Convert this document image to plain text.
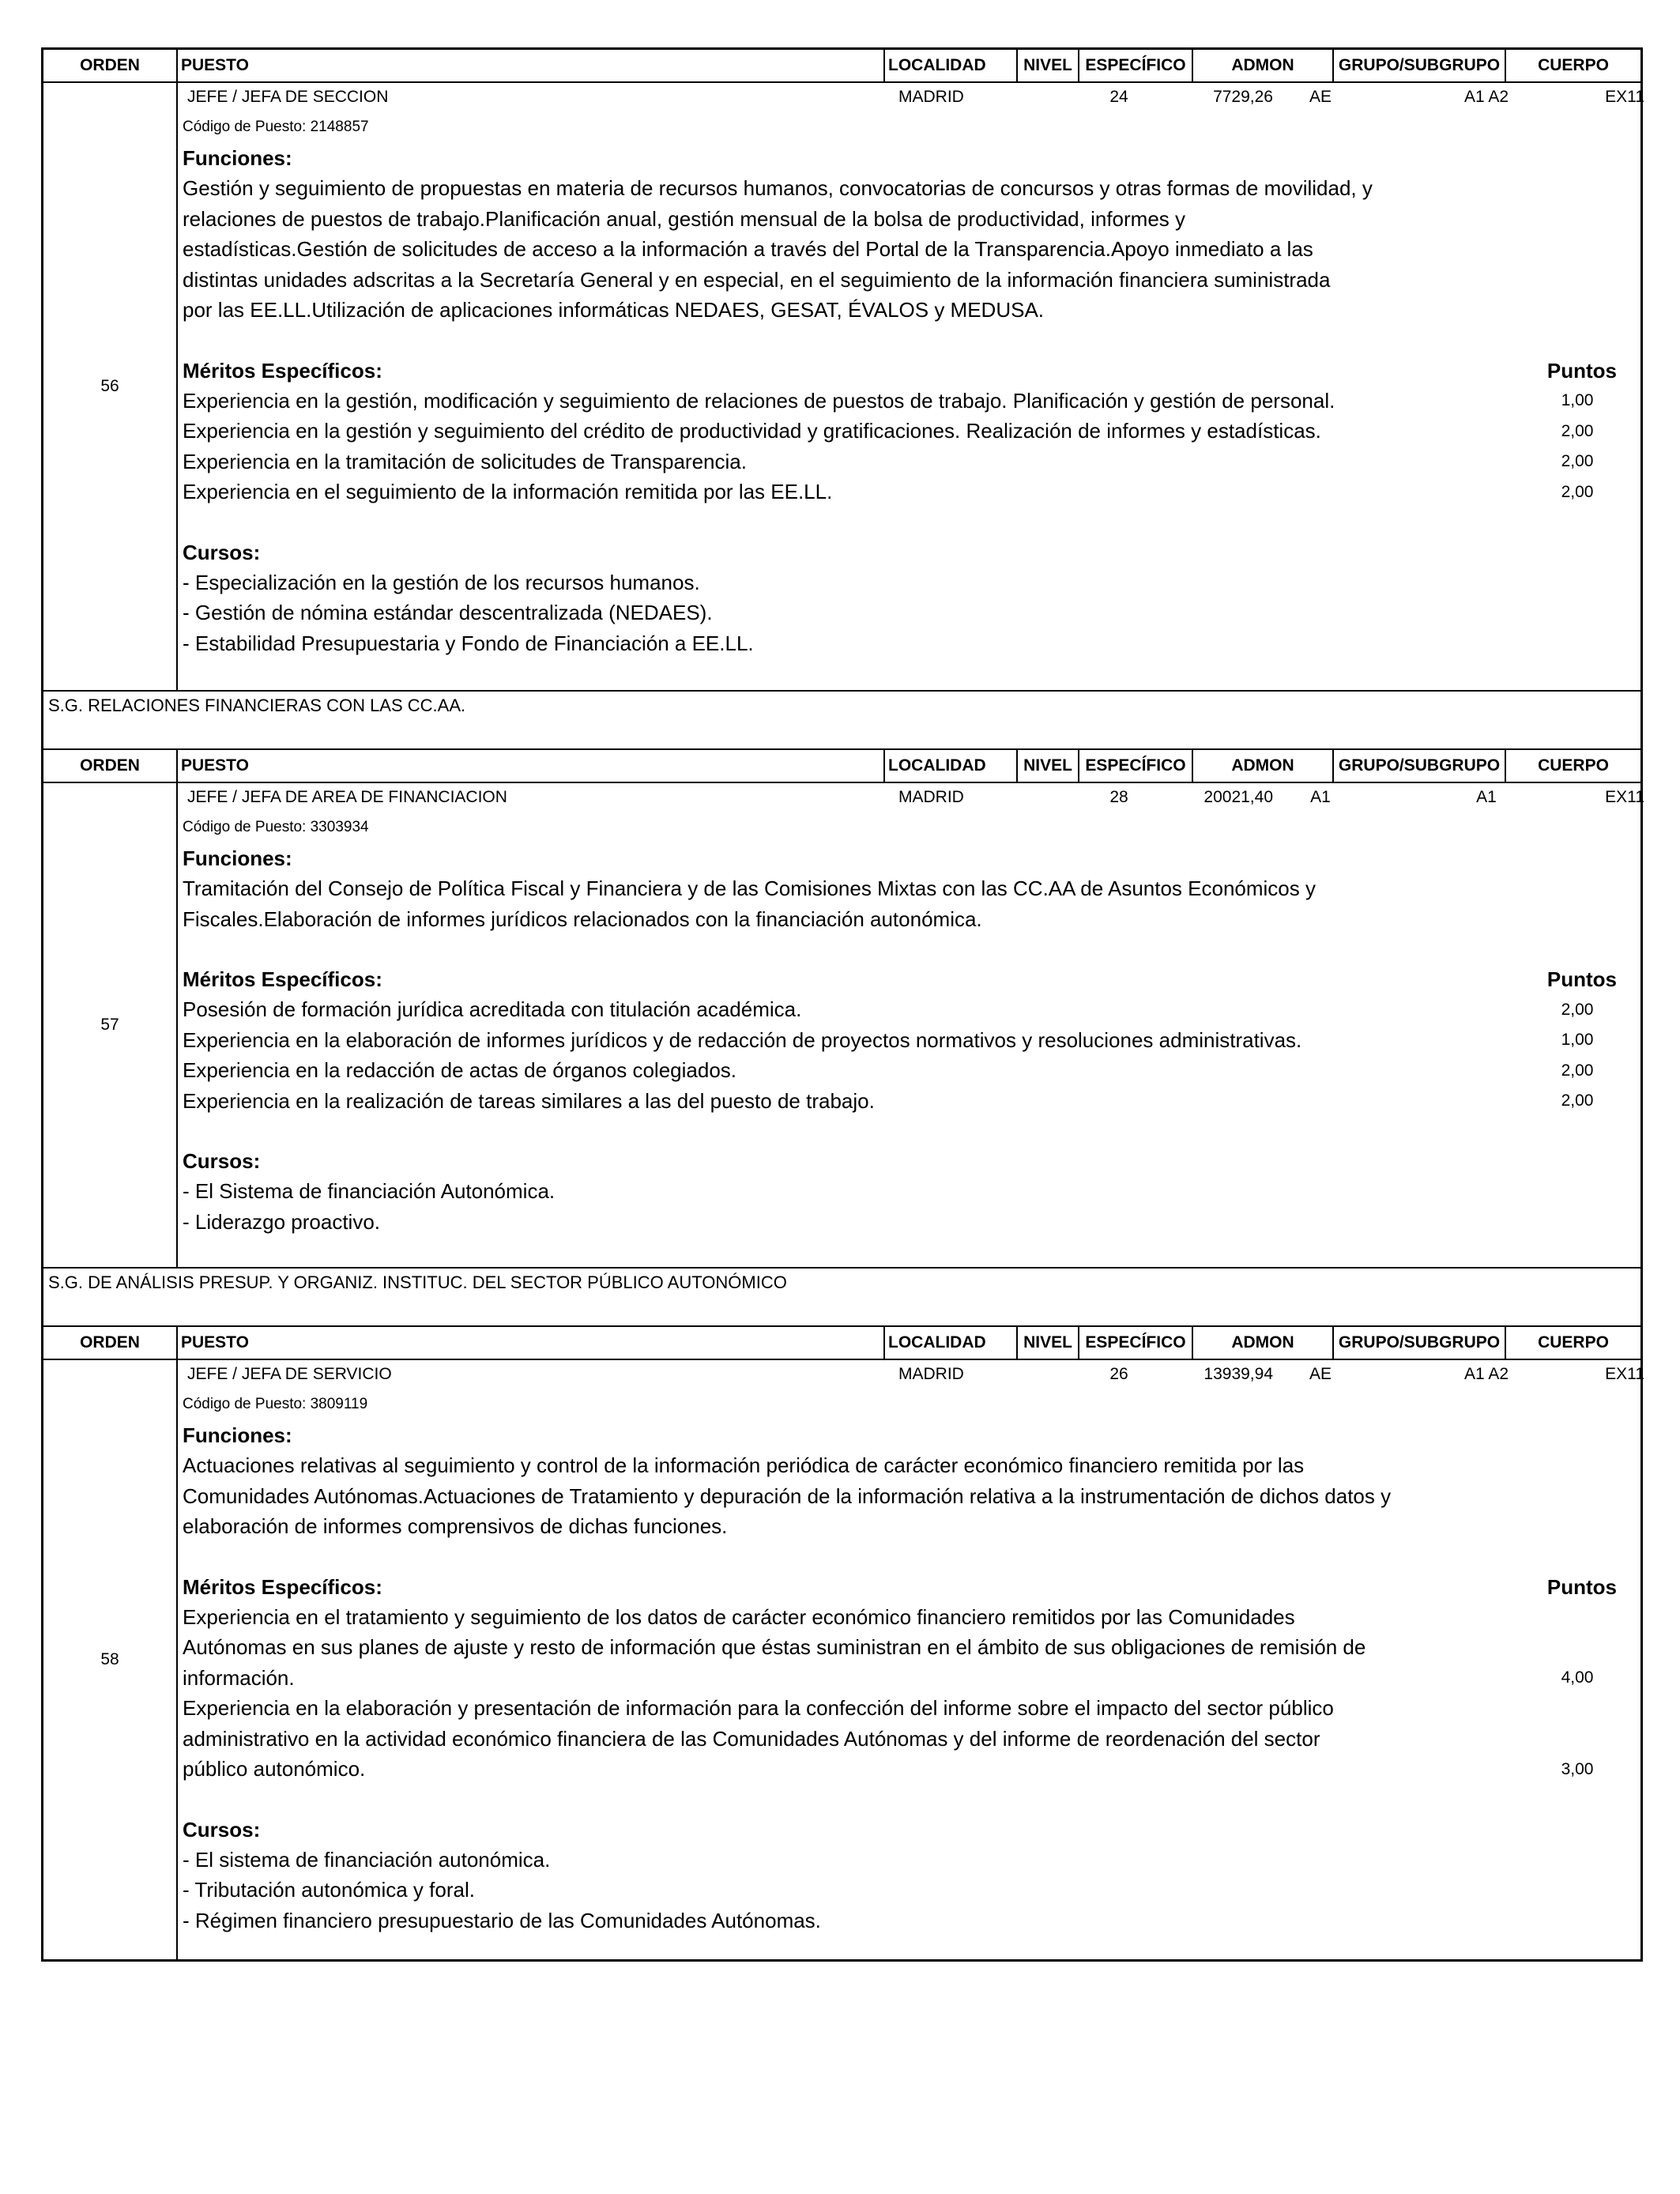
ORDEN	PUESTO	LOCALIDAD	NIVEL ESPECÍFICO	ADMON	GRUPO/SUBGRUPO	CUERPO
56
JEFE / JEFA DE SECCION	MADRID	24	7729,26	AE	A1 A2	EX11
Código de Puesto: 2148857
Funciones:
Gestión y seguimiento de propuestas en materia de recursos humanos, convocatorias de concursos y otras formas de movilidad, y
relaciones de puestos de trabajo.Planificación anual, gestión mensual de la bolsa de productividad, informes y
estadísticas.Gestión de solicitudes de acceso a la información a través del Portal de la Transparencia.Apoyo inmediato a las
distintas unidades adscritas a la Secretaría General y en especial, en el seguimiento de la información financiera suministrada
por las EE.LL.Utilización de aplicaciones informáticas NEDAES, GESAT, ÉVALOS y MEDUSA.
Méritos Específicos:	Puntos
Experiencia en la gestión, modificación y seguimiento de relaciones de puestos de trabajo. Planificación y gestión de personal.	1,00
Experiencia en la gestión y seguimiento del crédito de productividad y gratificaciones. Realización de informes y estadísticas.	2,00
Experiencia en la tramitación de solicitudes de Transparencia.	2,00
Experiencia en el seguimiento de la información remitida por las EE.LL.	2,00
Cursos:
- Especialización en la gestión de los recursos humanos.
- Gestión de nómina estándar descentralizada (NEDAES).
- Estabilidad Presupuestaria y Fondo de Financiación a EE.LL.
S.G. RELACIONES FINANCIERAS CON LAS CC.AA.
ORDEN	PUESTO	LOCALIDAD	NIVEL ESPECÍFICO	ADMON	GRUPO/SUBGRUPO	CUERPO
57
JEFE / JEFA DE AREA DE FINANCIACION	MADRID	28	20021,40	A1	A1	EX11
Código de Puesto: 3303934
Funciones:
Tramitación del Consejo de Política Fiscal y Financiera y de las Comisiones Mixtas con las CC.AA de Asuntos Económicos y
Fiscales.Elaboración de informes jurídicos relacionados con la financiación autonómica.
Méritos Específicos:	Puntos
Posesión de formación jurídica acreditada con titulación académica.	2,00
Experiencia en la elaboración de informes jurídicos y de redacción de proyectos normativos y resoluciones administrativas.	1,00
Experiencia en la redacción de actas de órganos colegiados.	2,00
Experiencia en la realización de tareas similares a las del puesto de trabajo.	2,00
Cursos:
- El Sistema de financiación Autonómica.
- Liderazgo proactivo.
S.G. DE ANÁLISIS PRESUP. Y ORGANIZ. INSTITUC. DEL SECTOR PÚBLICO AUTONÓMICO
ORDEN	PUESTO	LOCALIDAD	NIVEL ESPECÍFICO	ADMON	GRUPO/SUBGRUPO	CUERPO
58
JEFE / JEFA DE SERVICIO	MADRID	26	13939,94	AE	A1 A2	EX11
Código de Puesto: 3809119
Funciones:
Actuaciones relativas al seguimiento y control de la información periódica de carácter económico financiero remitida por las
Comunidades Autónomas.Actuaciones de Tratamiento y depuración de la información relativa a la instrumentación de dichos datos y
elaboración de informes comprensivos de dichas funciones.
Méritos Específicos:	Puntos
Experiencia en el tratamiento y seguimiento de los datos de carácter económico financiero remitidos por las Comunidades
Autónomas en sus planes de ajuste y resto de información que éstas suministran en el ámbito de sus obligaciones de remisión de
información.	4,00
Experiencia en la elaboración y presentación de información para la confección del informe sobre el impacto del sector público
administrativo en la actividad económico financiera de las Comunidades Autónomas y del informe de reordenación del sector
público autonómico.	3,00
Cursos:
- El sistema de financiación autonómica.
- Tributación autonómica y foral.
- Régimen financiero presupuestario de las Comunidades Autónomas.
